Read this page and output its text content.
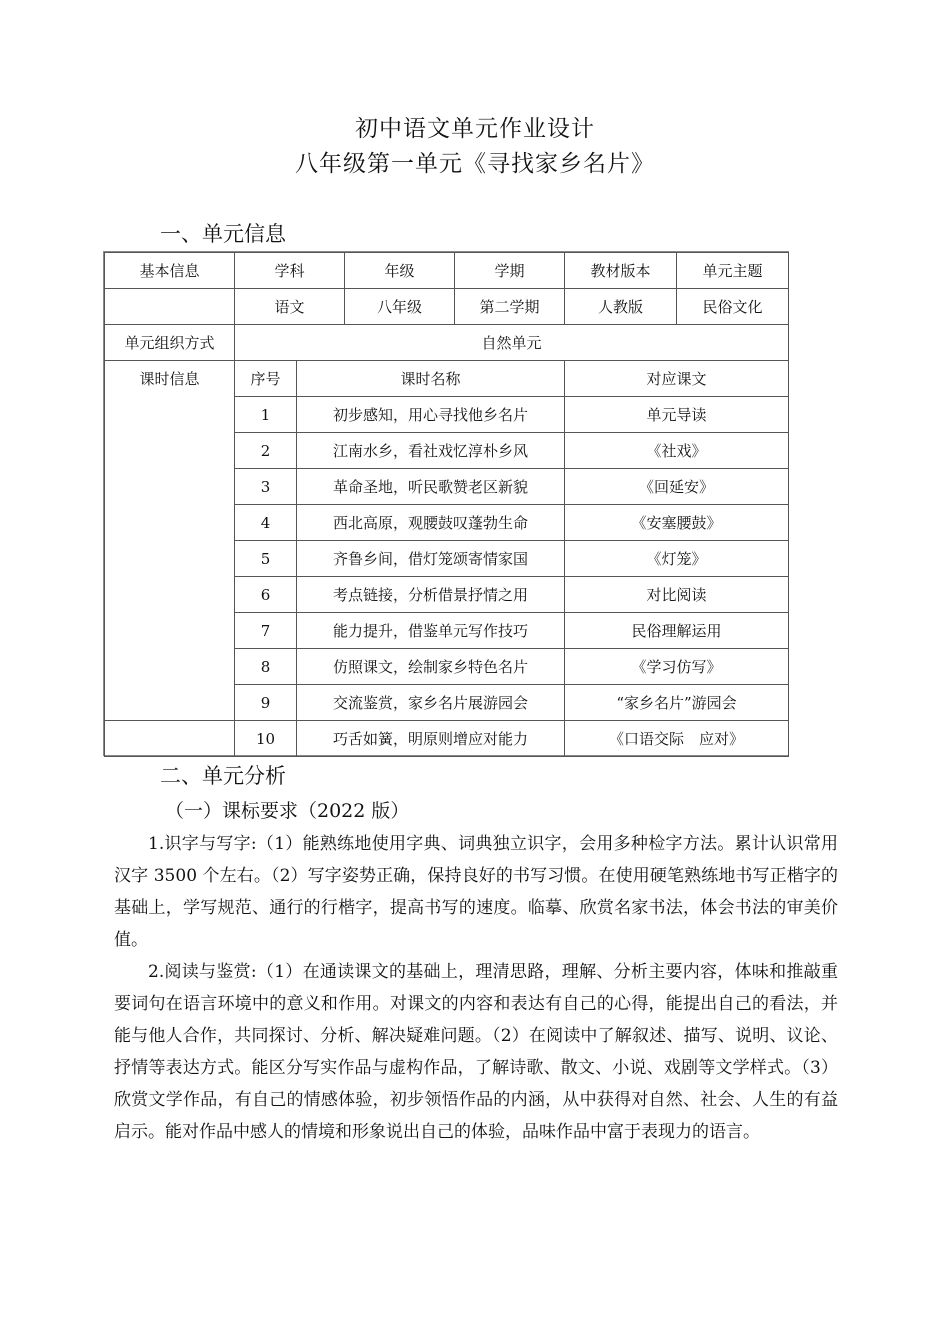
初中语文单元作业设计
八年级第一单元《寻找家乡名片》
一、单元信息
基本信息	学科		年级	学期	教材版本	单元主题
	语文		八年级	第二学期	人教版	民俗文化
单元组织方式	自然单元					
课时信息	序号	课时名称			对应课文	
	1	初步感知，用心寻找他乡名片			单元导读	
	2	江南水乡，看社戏忆淳朴乡风			《社戏》	
	3	革命圣地，听民歌赞老区新貌			《回延安》	
	4	西北高原，观腰鼓叹蓬勃生命			《安塞腰鼓》	
	5	齐鲁乡间，借灯笼颂寄情家国			《灯笼》	
	6	考点链接，分析借景抒情之用			对比阅读	
	7	能力提升，借鉴单元写作技巧			民俗理解运用	
	8	仿照课文，绘制家乡特色名片			《学习仿写》	
	9	交流鉴赏，家乡名片展游园会			“家乡名片”游园会	
	10	巧舌如簧，明原则增应对能力			《口语交际　应对》	
二、单元分析
（一）课标要求（2022 版）
1.识字与写字:（1）能熟练地使用字典、词典独立识字，会用多种检字方法。累计认识常用汉字 3500 个左右。（2）写字姿势正确，保持良好的书写习惯。在使用硬笔熟练地书写正楷字的基础上，学写规范、通行的行楷字，提高书写的速度。临摹、欣赏名家书法，体会书法的审美价值。
2.阅读与鉴赏:（1）在通读课文的基础上，理清思路，理解、分析主要内容，体味和推敲重要词句在语言环境中的意义和作用。对课文的内容和表达有自己的心得，能提出自己的看法，并能与他人合作，共同探讨、分析、解决疑难问题。（2）在阅读中了解叙述、描写、说明、议论、抒情等表达方式。能区分写实作品与虚构作品，了解诗歌、散文、小说、戏剧等文学样式。（3）欣赏文学作品，有自己的情感体验，初步领悟作品的内涵，从中获得对自然、社会、人生的有益启示。能对作品中感人的情境和形象说出自己的体验，品味作品中富于表现力的语言。
